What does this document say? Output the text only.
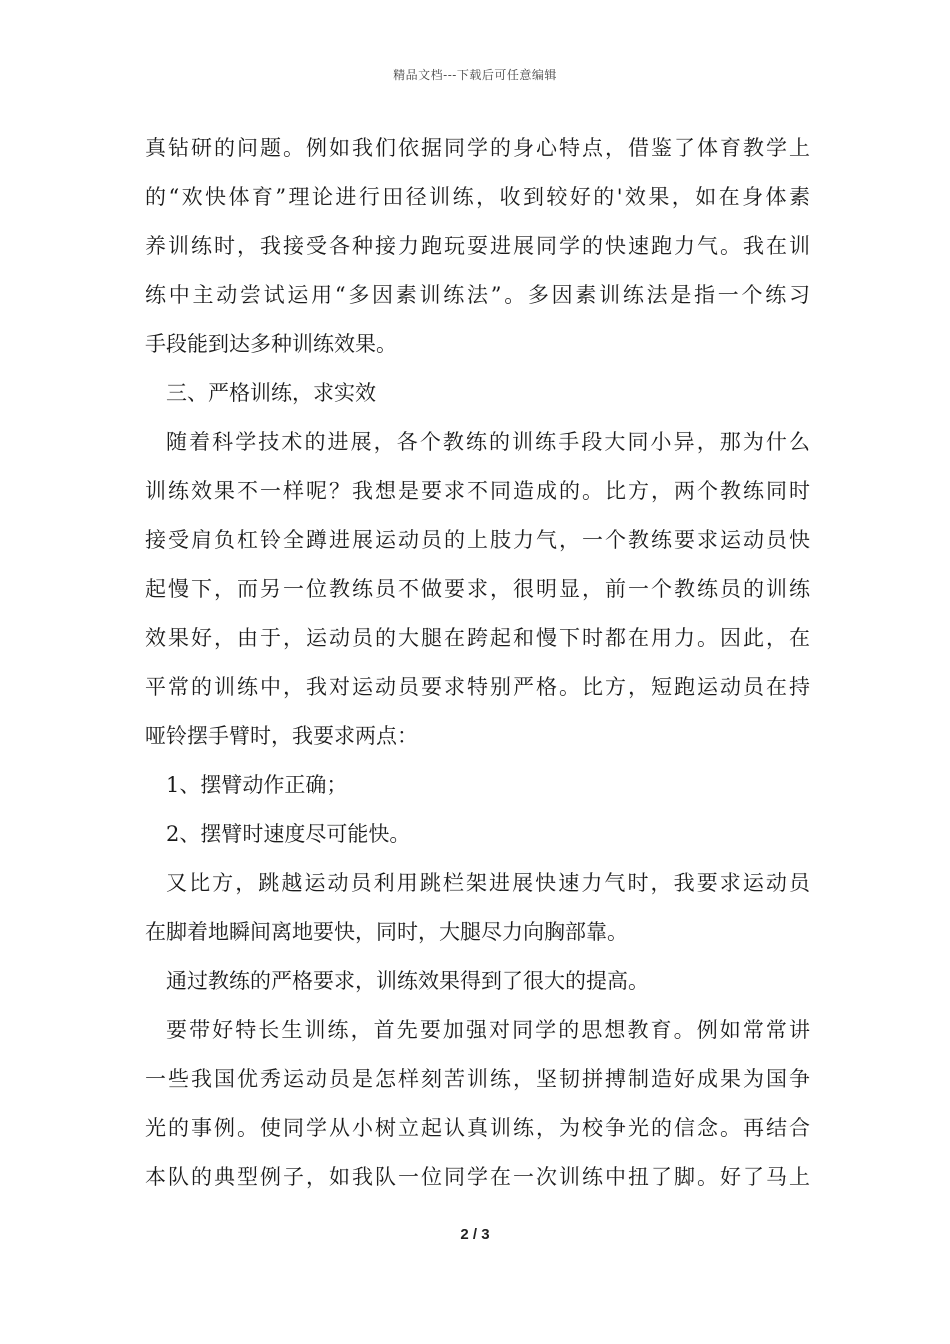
精品文档---下载后可任意编辑
真钻研的问题。例如我们依据同学的身心特点，借鉴了体育教学上
的“欢快体育”理论进行田径训练，收到较好的'效果，如在身体素
养训练时，我接受各种接力跑玩耍进展同学的快速跑力气。我在训
练中主动尝试运用“多因素训练法”。多因素训练法是指一个练习
手段能到达多种训练效果。
三、严格训练，求实效
随着科学技术的进展，各个教练的训练手段大同小异，那为什么
训练效果不一样呢？我想是要求不同造成的。比方，两个教练同时
接受肩负杠铃全蹲进展运动员的上肢力气，一个教练要求运动员快
起慢下，而另一位教练员不做要求，很明显，前一个教练员的训练
效果好，由于，运动员的大腿在跨起和慢下时都在用力。因此，在
平常的训练中，我对运动员要求特别严格。比方，短跑运动员在持
哑铃摆手臂时，我要求两点：
1、摆臂动作正确；
2、摆臂时速度尽可能快。
又比方，跳越运动员利用跳栏架进展快速力气时，我要求运动员
在脚着地瞬间离地要快，同时，大腿尽力向胸部靠。
通过教练的严格要求，训练效果得到了很大的提高。
要带好特长生训练，首先要加强对同学的思想教育。例如常常讲
一些我国优秀运动员是怎样刻苦训练，坚韧拼搏制造好成果为国争
光的事例。使同学从小树立起认真训练，为校争光的信念。再结合
本队的典型例子，如我队一位同学在一次训练中扭了脚。好了马上
2 / 3
